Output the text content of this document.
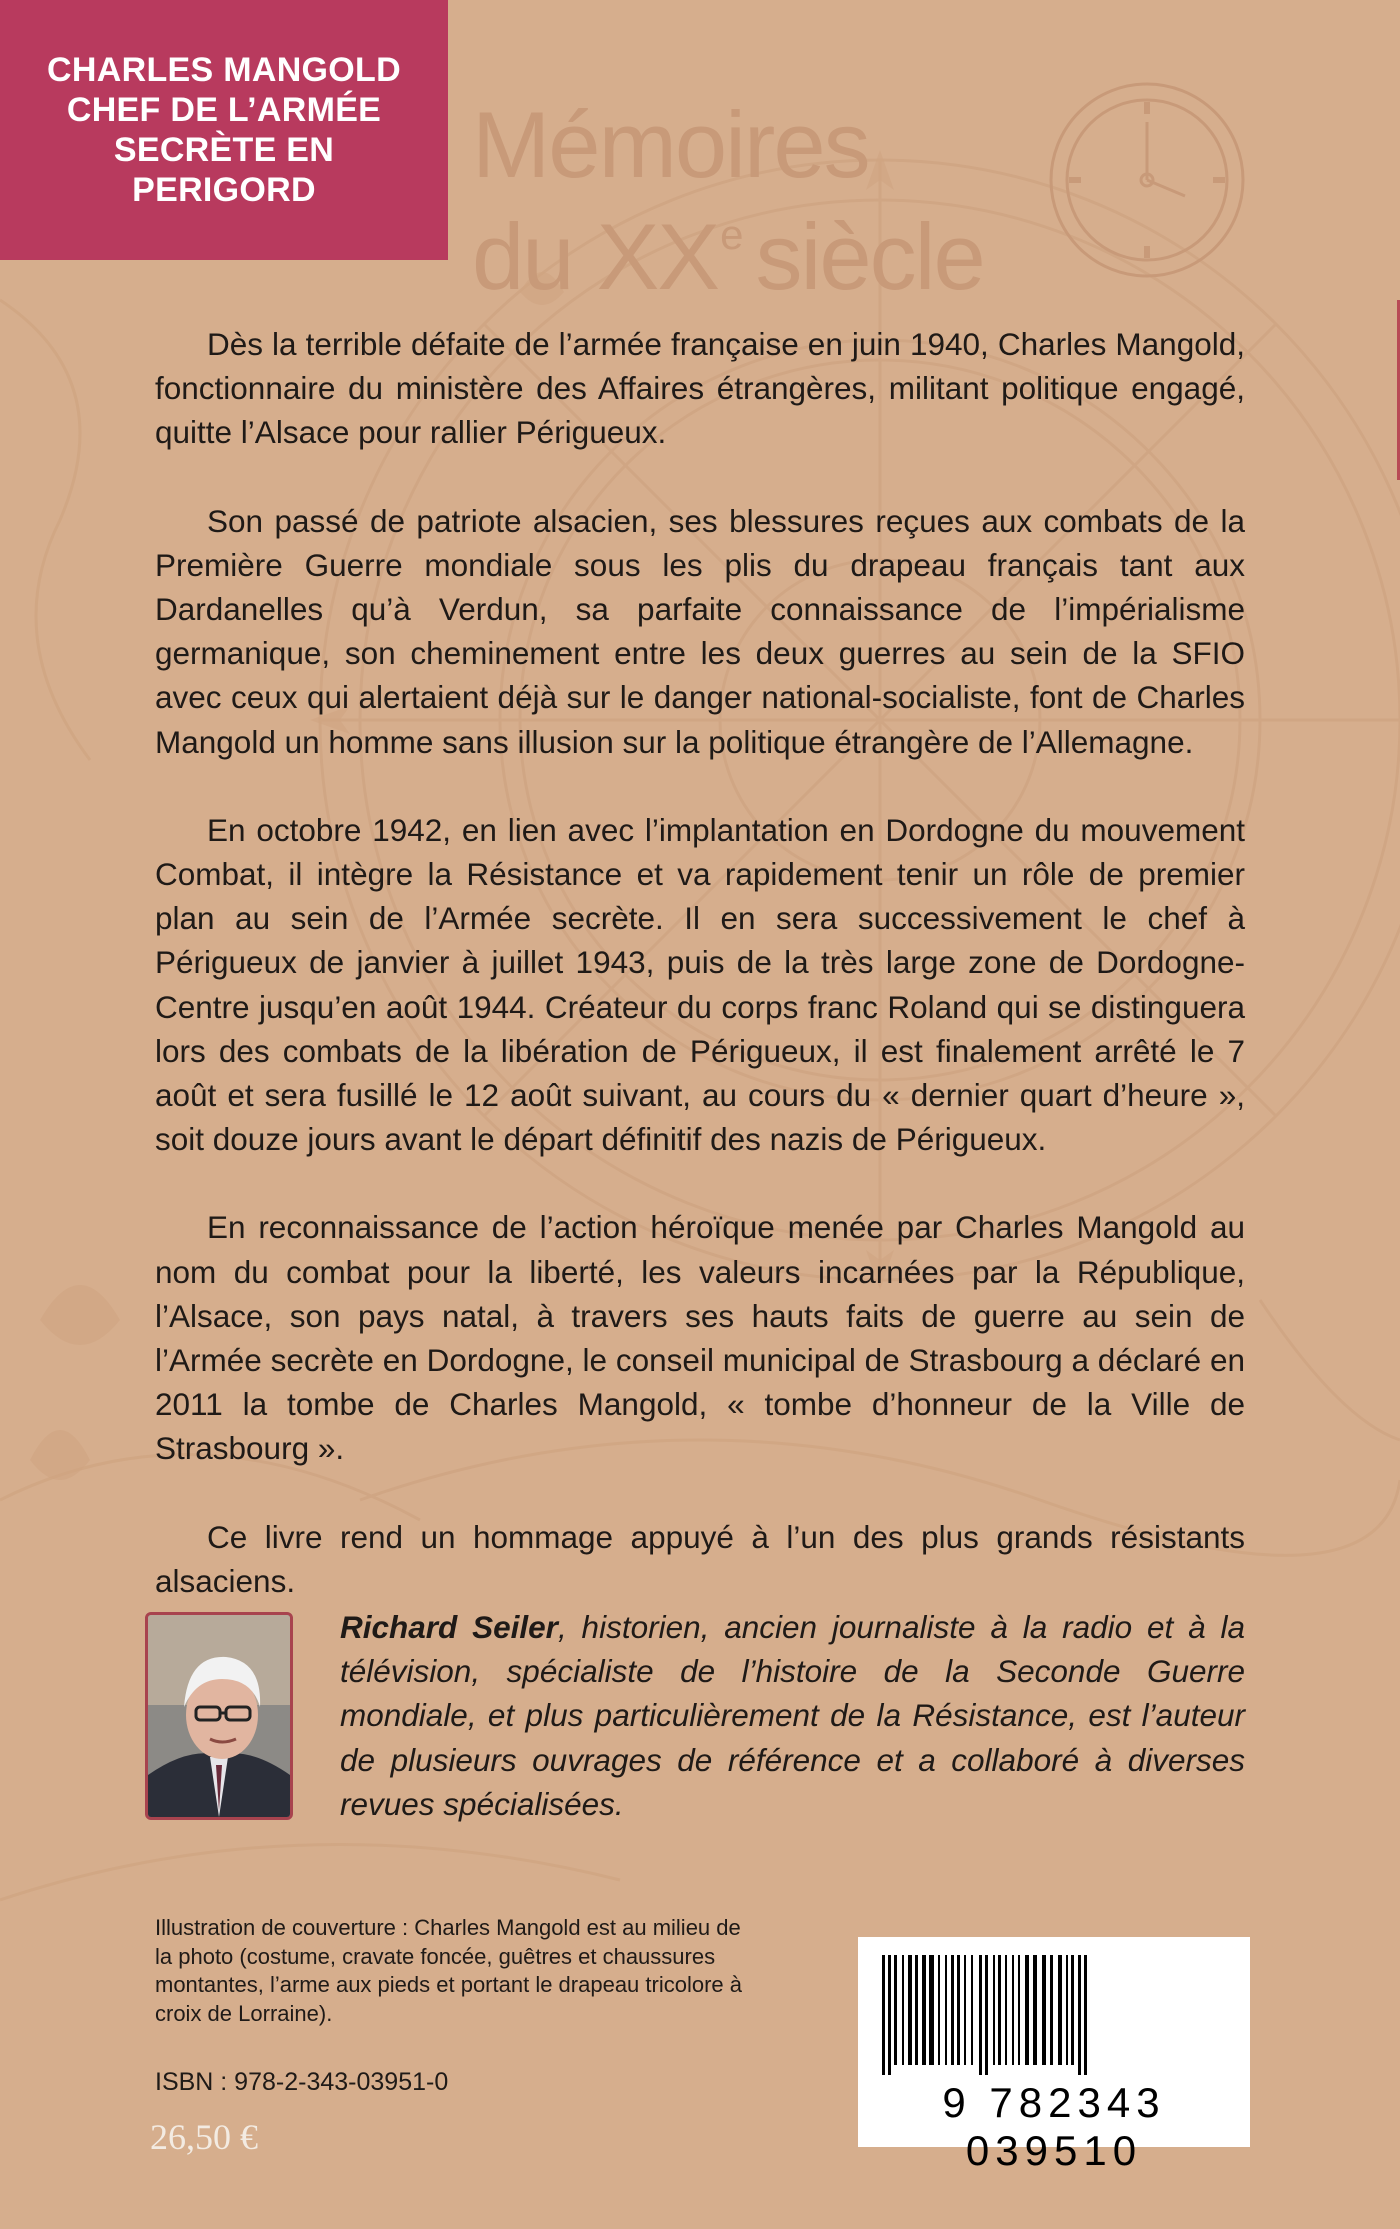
CHARLES MANGOLD
CHEF DE L’ARMÉE
SECRÈTE EN
PERIGORD Mémoires
du XXe siècle

Dès la terrible défaite de l’armée française en juin 1940, Charles Mangold, fonctionnaire du ministère des Affaires étrangères, militant politique engagé, quitte l’Alsace pour rallier Périgueux.

Son passé de patriote alsacien, ses blessures reçues aux combats de la Première Guerre mondiale sous les plis du drapeau français tant aux Dardanelles qu’à Verdun, sa parfaite connaissance de l’impérialisme germanique, son cheminement entre les deux guerres au sein de la SFIO avec ceux qui alertaient déjà sur le danger national-socialiste, font de Charles Mangold un homme sans illusion sur la politique étrangère de l’Allemagne.

En octobre 1942, en lien avec l’implantation en Dordogne du mouvement Combat, il intègre la Résistance et va rapidement tenir un rôle de premier plan au sein de l’Armée secrète. Il en sera successivement le chef à Périgueux de janvier à juillet 1943, puis de la très large zone de Dordogne-Centre jusqu’en août 1944. Créateur du corps franc Roland qui se distinguera lors des combats de la libération de Périgueux, il est finalement arrêté le 7 août et sera fusillé le 12 août suivant, au cours du « dernier quart d’heure », soit douze jours avant le départ définitif des nazis de Périgueux.

En reconnaissance de l’action héroïque menée par Charles Mangold au nom du combat pour la liberté, les valeurs incarnées par la République, l’Alsace, son pays natal, à travers ses hauts faits de guerre au sein de l’Armée secrète en Dordogne, le conseil municipal de Strasbourg a déclaré en 2011 la tombe de Charles Mangold, « tombe d’honneur de la Ville de Strasbourg ».

Ce livre rend un hommage appuyé à l’un des plus grands résistants alsaciens.

Richard Seiler, historien, ancien journaliste à la radio et à la télévision, spécialiste de l’histoire de la Seconde Guerre mondiale, et plus particulièrement de la Résistance, est l’auteur de plusieurs ouvrages de référence et a collaboré à diverses revues spécialisées.
Illustration de couverture : Charles Mangold est au milieu de la photo (costume, cravate foncée, guêtres et chaussures montantes, l’arme aux pieds et portant le drapeau tricolore à croix de Lorraine).
ISBN : 978-2-343-03951-0
26,50 €
9 782343 039510
